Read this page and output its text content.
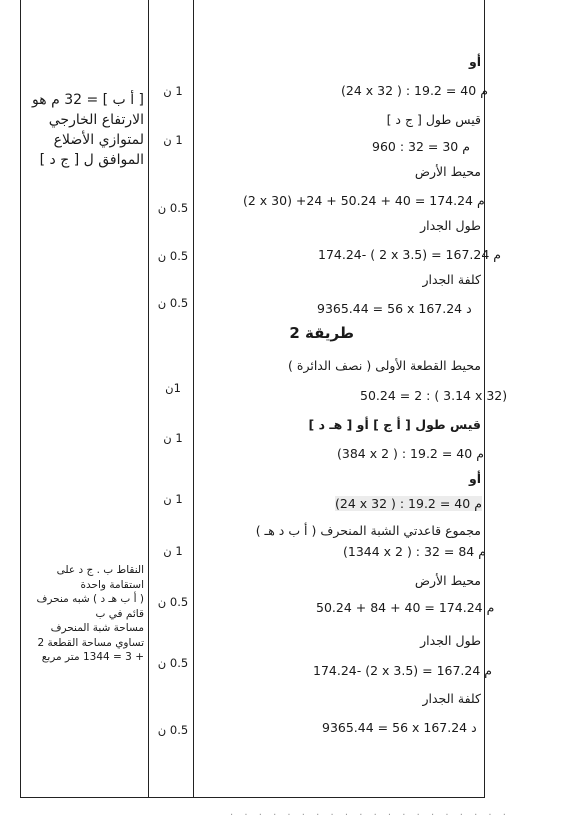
· · · · · · · · · · · · · · · · · · · ·
[ أ ب ] = 32 م هو
الارتفاع الخارجي
لمتوازي الأضلاع
الموافق ل [ ج د ]
النقاط ب . ج د على
استقامة واحدة
( أ ب هـ د ) شبه منحرف
قائم في ب
مساحة شبة المنحرف
تساوي مساحة القطعة 2
+ 3 = 1344 متر مربع
1 ن
1 ن
0.5 ن
0.5 ن
0.5 ن
1ن
1 ن
1 ن
1 ن
0.5 ن
0.5 ن
0.5 ن
أو
(24 x 32 ) : 19.2 = 40 م
قيس طول [ ج د ]
960 : 32 = 30 م
محيط الأرض
(2 x 30) +24 + 50.24 + 40 = 174.24 م
طول الجدار
174.24- ( 2 x 3.5) = 167.24 م
كلفة الجدار
9365.44 = 56 x 167.24 د
طريقة 2
محيط القطعة الأولى ( نصف الدائرة )
50.24 = 2 : ( 3.14 x 32)
قيس طول [ أ ج ] أو [ هـ د ]
(384 x 2 ) : 19.2 = 40 م
أو
(24 x 32 ) : 19.2 = 40 م
مجموع قاعدتي الشبة المنحرف ( أ ب د هـ )
(1344 x 2 ) : 32 = 84 م
محيط الأرض
50.24 + 84 + 40 = 174.24 م
طول الجدار
174.24- (2 x 3.5) = 167.24 م
كلفة الجدار
9365.44 = 56 x 167.24 د
